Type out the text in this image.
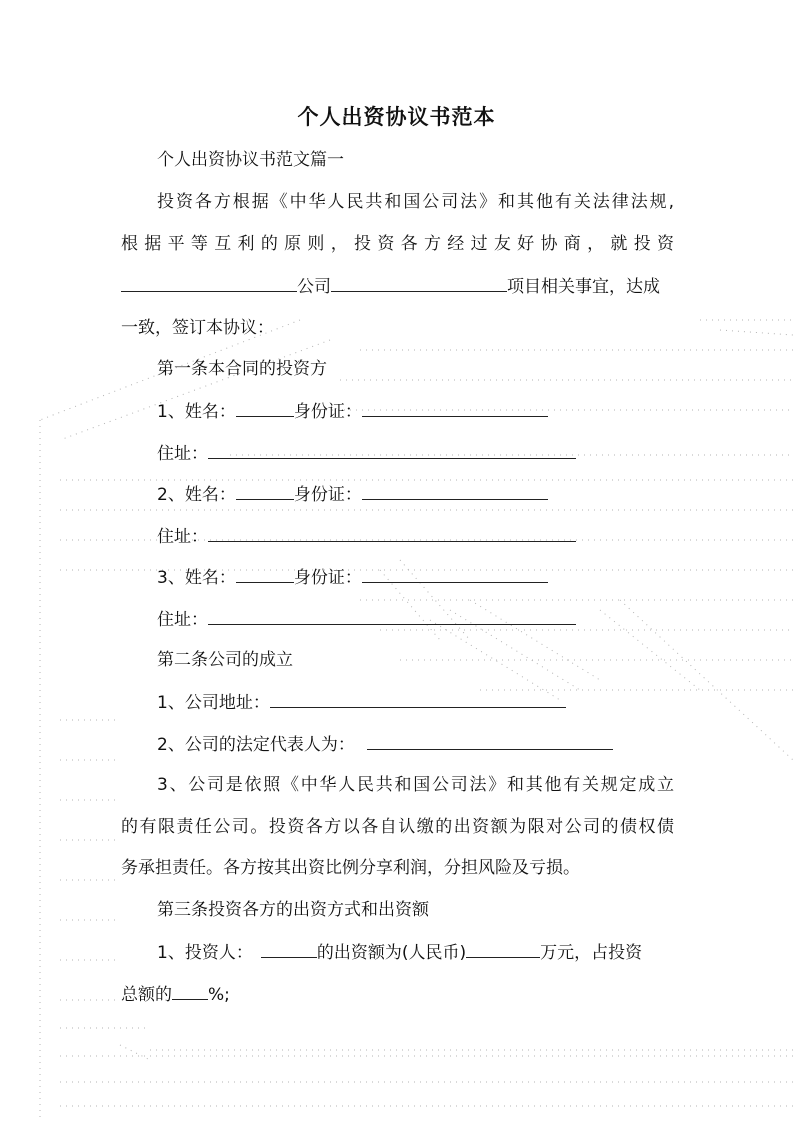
个人出资协议书范本
个人出资协议书范文篇一
投资各方根据《中华人民共和国公司法》和其他有关法律法规,
根据平等互利的原则，投资各方经过友好协商，就投资
公司	项目相关事宜，达成
一致，签订本协议：
第一条本合同的投资方
1、姓名：	身份证：
住址：
2、姓名：	身份证：
住址：
3、姓名：	身份证：
住址：
第二条公司的成立
1、公司地址：
2、公司的法定代表人为：
3、公司是依照《中华人民共和国公司法》和其他有关规定成立
的有限责任公司。投资各方以各自认缴的出资额为限对公司的债权债
务承担责任。各方按其出资比例分享利润，分担风险及亏损。
第三条投资各方的出资方式和出资额
1、投资人：	的出资额为(人民币)	万元，占投资
总额的 %;
